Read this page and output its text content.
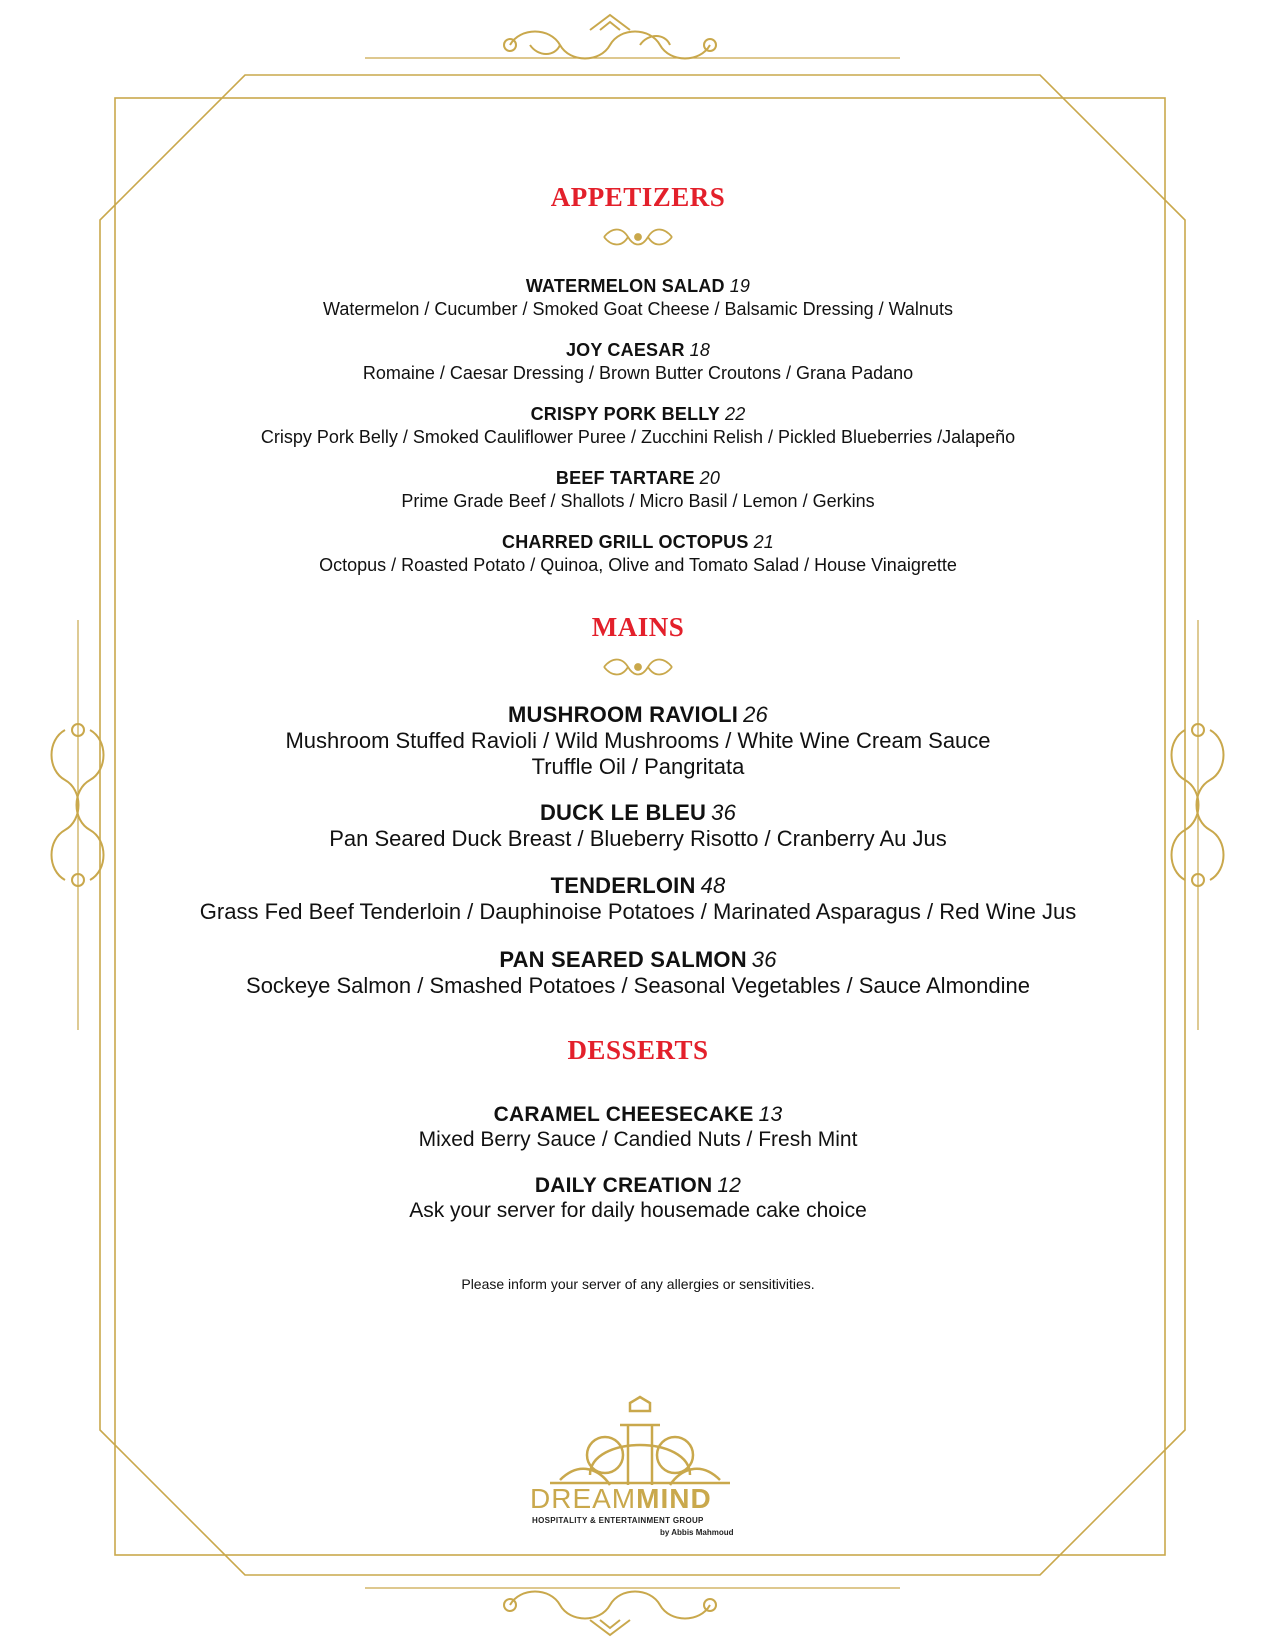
APPETIZERS
WATERMELON SALAD 19
Watermelon / Cucumber / Smoked Goat Cheese / Balsamic Dressing / Walnuts
JOY CAESAR 18
Romaine / Caesar Dressing / Brown Butter Croutons / Grana Padano
CRISPY PORK BELLY 22
Crispy Pork Belly / Smoked Cauliflower Puree / Zucchini Relish / Pickled Blueberries /Jalapeño
BEEF TARTARE 20
Prime Grade Beef / Shallots / Micro Basil / Lemon / Gerkins
CHARRED GRILL OCTOPUS 21
Octopus / Roasted Potato / Quinoa, Olive and Tomato Salad / House Vinaigrette
MAINS
MUSHROOM RAVIOLI 26
Mushroom Stuffed Ravioli / Wild Mushrooms / White Wine Cream Sauce
Truffle Oil / Pangritata
DUCK LE BLEU 36
Pan Seared Duck Breast / Blueberry Risotto / Cranberry Au Jus
TENDERLOIN 48
Grass Fed Beef Tenderloin / Dauphinoise Potatoes / Marinated Asparagus / Red Wine Jus
PAN SEARED SALMON 36
Sockeye Salmon / Smashed Potatoes / Seasonal Vegetables / Sauce Almondine
DESSERTS
CARAMEL CHEESECAKE 13
Mixed Berry Sauce / Candied Nuts / Fresh Mint
DAILY CREATION 12
Ask your server for daily housemade cake choice
Please inform your server of any allergies or sensitivities.
DREAMMIND
HOSPITALITY & ENTERTAINMENT GROUP
by Abbis Mahmoud
